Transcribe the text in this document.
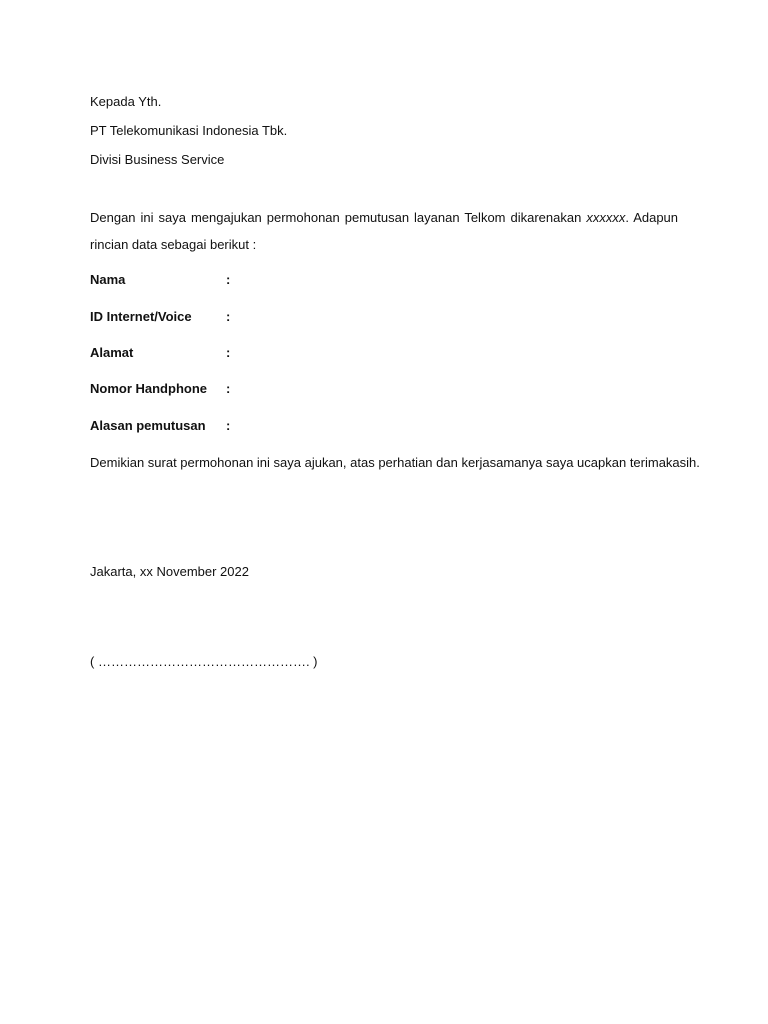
Kepada Yth.
PT Telekomunikasi Indonesia Tbk.
Divisi Business Service
Dengan ini saya mengajukan permohonan pemutusan layanan Telkom dikarenakan xxxxxx. Adapun rincian data sebagai berikut :
Nama	:
ID Internet/Voice	:
Alamat	:
Nomor Handphone :
Alasan pemutusan :
Demikian surat permohonan ini saya ajukan, atas perhatian dan kerjasamanya saya ucapkan terimakasih.
Jakarta, xx November 2022
( …………………………………………. )
